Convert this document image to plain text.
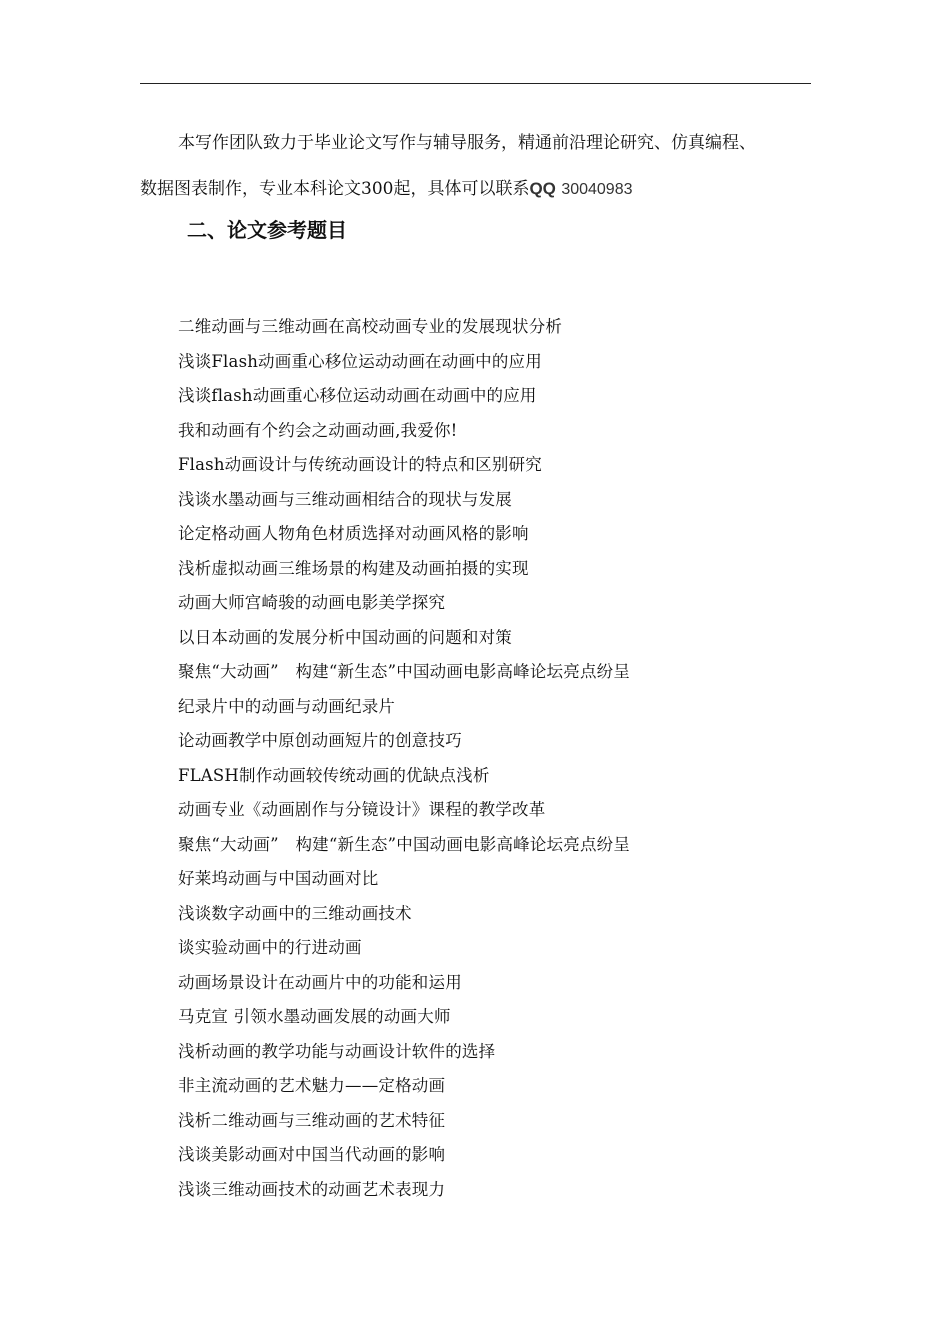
本写作团队致力于毕业论文写作与辅导服务，精通前沿理论研究、仿真编程、
数据图表制作，专业本科论文300起，具体可以联系QQ 30040983

二、论文参考题目
二维动画与三维动画在高校动画专业的发展现状分析
浅谈Flash动画重心移位运动动画在动画中的应用
浅谈flash动画重心移位运动动画在动画中的应用
我和动画有个约会之动画动画,我爱你!
Flash动画设计与传统动画设计的特点和区别研究
浅谈水墨动画与三维动画相结合的现状与发展
论定格动画人物角色材质选择对动画风格的影响
浅析虚拟动画三维场景的构建及动画拍摄的实现
动画大师宫崎骏的动画电影美学探究
以日本动画的发展分析中国动画的问题和对策
聚焦“大动画”　构建“新生态”中国动画电影高峰论坛亮点纷呈
纪录片中的动画与动画纪录片
论动画教学中原创动画短片的创意技巧
FLASH制作动画较传统动画的优缺点浅析
动画专业《动画剧作与分镜设计》课程的教学改革
聚焦“大动画”　构建“新生态”中国动画电影高峰论坛亮点纷呈
好莱坞动画与中国动画对比
浅谈数字动画中的三维动画技术
谈实验动画中的行进动画
动画场景设计在动画片中的功能和运用
马克宣 引领水墨动画发展的动画大师
浅析动画的教学功能与动画设计软件的选择
非主流动画的艺术魅力——定格动画
浅析二维动画与三维动画的艺术特征
浅谈美影动画对中国当代动画的影响
浅谈三维动画技术的动画艺术表现力
